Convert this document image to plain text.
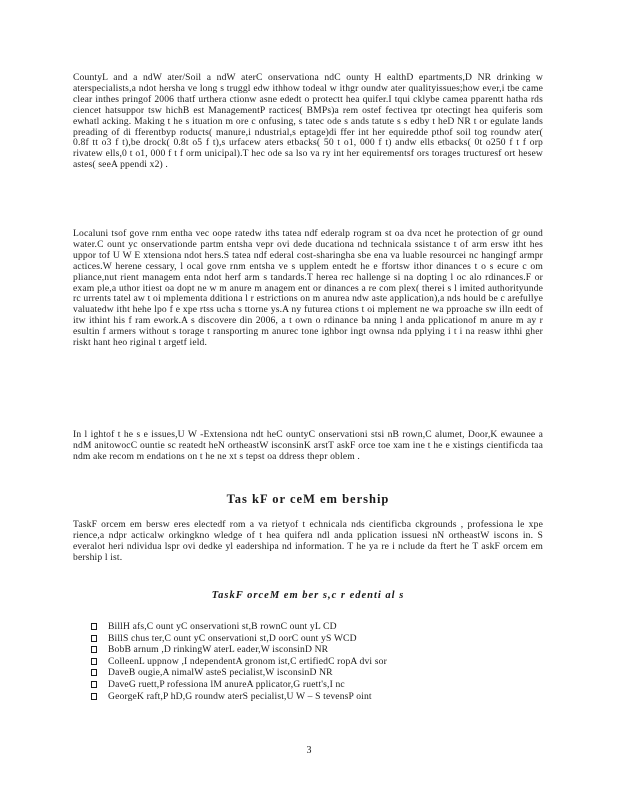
CountyL and a ndW ater/Soil a ndW aterC onservationa ndC ounty H ealthD epartments,D NR drinking w aterspecialists,a ndot hersha ve long s truggl edw ithhow todeal w ithgr oundw ater qualityissues;how ever,i tbe came clear inthes pringof 2006 thatf urthera ctionw asne ededt o protectt hea quifer.I tqui cklybe camea pparentt hatha rds ciencet hatsuppor tsw hichB est ManagementP ractices( BMPs)a rem ostef fectivea tpr otectingt hea quiferis som ewhatl acking. Making t he s ituation m ore c onfusing, s tatec ode s ands tatute s s edby t heD NR t or egulate lands preading of di fferentbyp roducts( manure,i ndustrial,s eptage)di ffer int her equiredde pthof soil tog roundw ater( 0.8f tt o3 f t),be drock( 0.8t o5 f t),s urfacew aters etbacks( 50 t o1, 000 f t) andw ells etbacks( 0t o250 f t f orp rivatew ells,0 t o1, 000 f t f orm unicipal).T hec ode sa lso va ry int her equirementsf ors torages tructuresf ort hesew astes( seeA ppendi x2) .

Localuni tsof gove rnm entha vec oope ratedw iths tatea ndf ederalp rogram st oa dva ncet he protection of gr ound water.C ount yc onservationde partm entsha vepr ovi dede ducationa nd technicala ssistance t of arm ersw itht hes uppor tof U W E xtensiona ndot hers.S tatea ndf ederal cost-sharingha sbe ena va luable resourcei nc hangingf armpr actices.W herene cessary, l ocal gove rnm entsha ve s upplem entedt he e ffortsw ithor dinances t o s ecure c om pliance,nut rient managem enta ndot herf arm s tandards.T herea rec hallenge si na dopting l oc alo rdinances.F or exam ple,a uthor itiest oa dopt ne w m anure m anagem ent or dinances a re com plex( therei s l imited authorityunde rc urrents tatel aw t oi mplementa dditiona l r estrictions on m anurea ndw aste application),a nds hould be c arefullye valuatedw itht hehe lpo f e xpe rtss ucha s ttorne ys.A ny futurea ctions t oi mplement ne wa pproache sw illn eedt of itw ithint his f ram ework.A s discovere din 2006, a t own o rdinance ba nning l anda pplicationof m anure m ay r esultin f armers without s torage t ransporting m anurec tone ighbor ingt ownsa nda pplying i t i na reasw ithhi gher riskt hant heo riginal t argetf ield.

In l ightof t he s e issues,U W -Extensiona ndt heC ountyC onservationi stsi nB rown,C alumet, Door,K ewaunee a ndM anitowocC ountie sc reatedt heN ortheastW isconsinK arstT askF orce toe xam ine t he e xistings cientificda taa ndm ake recom m endations on t he ne xt s tepst oa ddress thepr oblem .

Tas kF or ceM em bership

TaskF orcem em bersw eres electedf rom a va rietyof t echnicala nds cientificba ckgrounds , professiona le xpe rience,a ndpr acticalw orkingkno wledge of t hea quifera ndl anda pplication issuesi nN ortheastW iscons in. S everalot heri ndividua lspr ovi dedke yl eadershipa nd information. T he ya re i nclude da ftert he T askF orcem em bership l ist.

TaskF orceM em ber s,c r edenti al s
BillH afs,C ount yC onservationi st,B rownC ount yL CD
BillS chus ter,C ount yC onservationi st,D oorC ount yS WCD
BobB arnum ,D rinkingW aterL eader,W isconsinD NR
ColleenL uppnow ,I ndependentA gronom ist,C ertifiedC ropA dvi sor
DaveB ougie,A nimalW asteS pecialist,W isconsinD NR
DaveG ruett,P rofessiona lM anureA pplicator,G ruett's,I nc
GeorgeK raft,P hD,G roundw aterS pecialist,U W – S tevensP oint

3
